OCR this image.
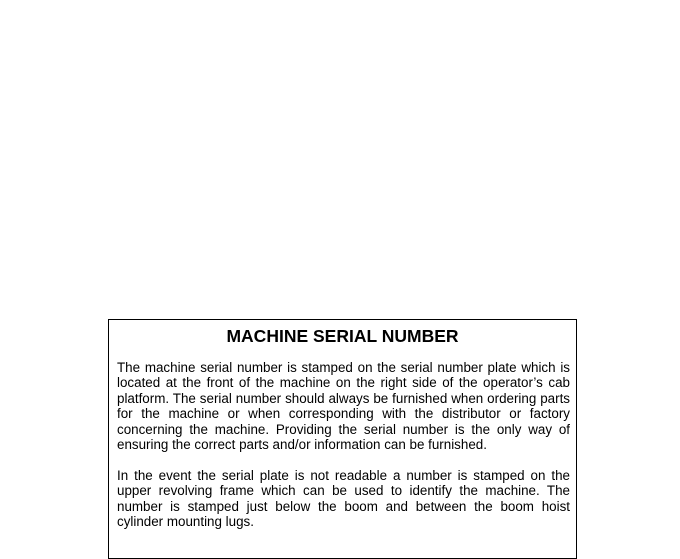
MACHINE SERIAL NUMBER

The machine serial number is stamped on the serial number plate which is located at the front of the machine on the right side of the operator’s cab platform. The serial number should always be furnished when ordering parts for the machine or when corresponding with the distributor or factory concerning the machine. Providing the serial number is the only way of ensuring the correct parts and/or information can be furnished.

In the event the serial plate is not readable a number is stamped on the upper revolving frame which can be used to identify the machine. The number is stamped just below the boom and between the boom hoist cylinder mounting lugs.
